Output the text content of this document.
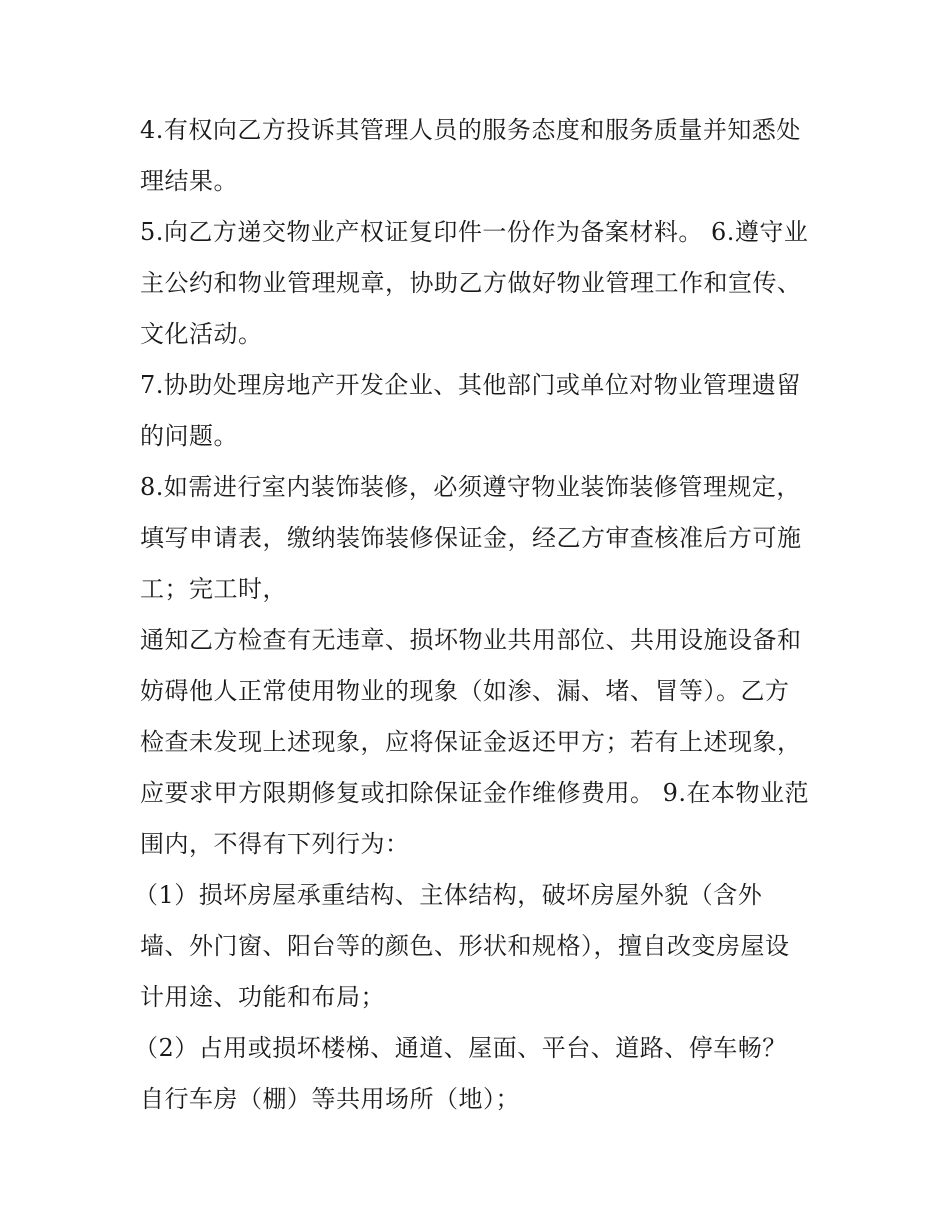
4.有权向乙方投诉其管理人员的服务态度和服务质量并知悉处
理结果。
5.向乙方递交物业产权证复印件一份作为备案材料。 6.遵守业
主公约和物业管理规章，协助乙方做好物业管理工作和宣传、
文化活动。
7.协助处理房地产开发企业、其他部门或单位对物业管理遗留
的问题。
8.如需进行室内装饰装修，必须遵守物业装饰装修管理规定，
填写申请表，缴纳装饰装修保证金，经乙方审查核准后方可施
工；完工时，
通知乙方检查有无违章、损坏物业共用部位、共用设施设备和
妨碍他人正常使用物业的现象（如渗、漏、堵、冒等）。乙方
检查未发现上述现象，应将保证金返还甲方；若有上述现象，
应要求甲方限期修复或扣除保证金作维修费用。 9.在本物业范
围内，不得有下列行为：
（1）损坏房屋承重结构、主体结构，破坏房屋外貌（含外
墙、外门窗、阳台等的颜色、形状和规格），擅自改变房屋设
计用途、功能和布局；
（2）占用或损坏楼梯、通道、屋面、平台、道路、停车畅？
自行车房（棚）等共用场所（地）；
